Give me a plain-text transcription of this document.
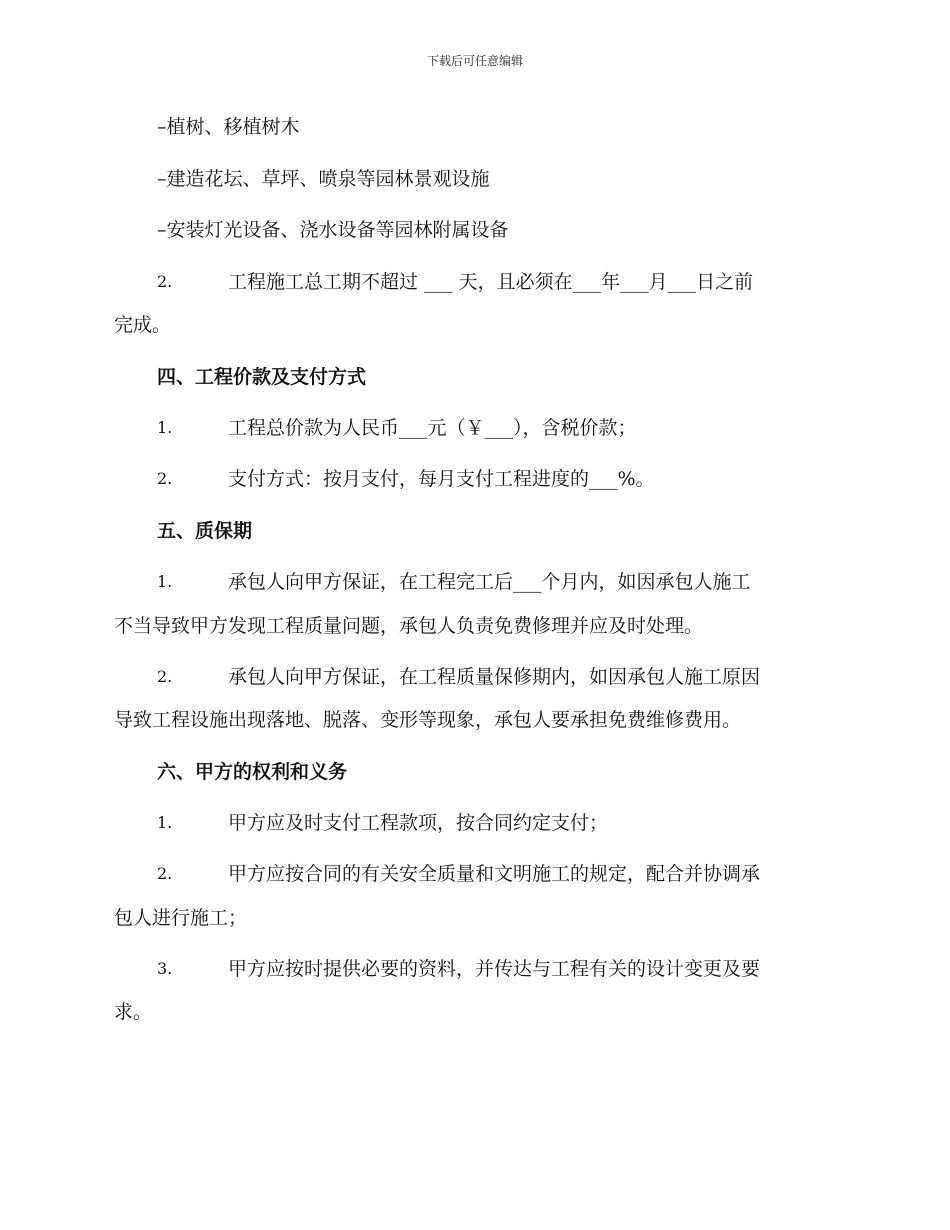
下载后可任意编辑
–植树、移植树木
–建造花坛、草坪、喷泉等园林景观设施
–安装灯光设备、浇水设备等园林附属设备
2.	工程施工总工期不超过 ___ 天，且必须在___年___月___日之前
完成。
四、工程价款及支付方式
1.	工程总价款为人民币___元（￥___），含税价款；
2.	支付方式：按月支付，每月支付工程进度的___%。
五、质保期
1.	承包人向甲方保证，在工程完工后___个月内，如因承包人施工
不当导致甲方发现工程质量问题，承包人负责免费修理并应及时处理。
2.	承包人向甲方保证，在工程质量保修期内，如因承包人施工原因
导致工程设施出现落地、脱落、变形等现象，承包人要承担免费维修费用。
六、甲方的权利和义务
1.	甲方应及时支付工程款项，按合同约定支付；
2.	甲方应按合同的有关安全质量和文明施工的规定，配合并协调承
包人进行施工；
3.	甲方应按时提供必要的资料，并传达与工程有关的设计变更及要
求。
